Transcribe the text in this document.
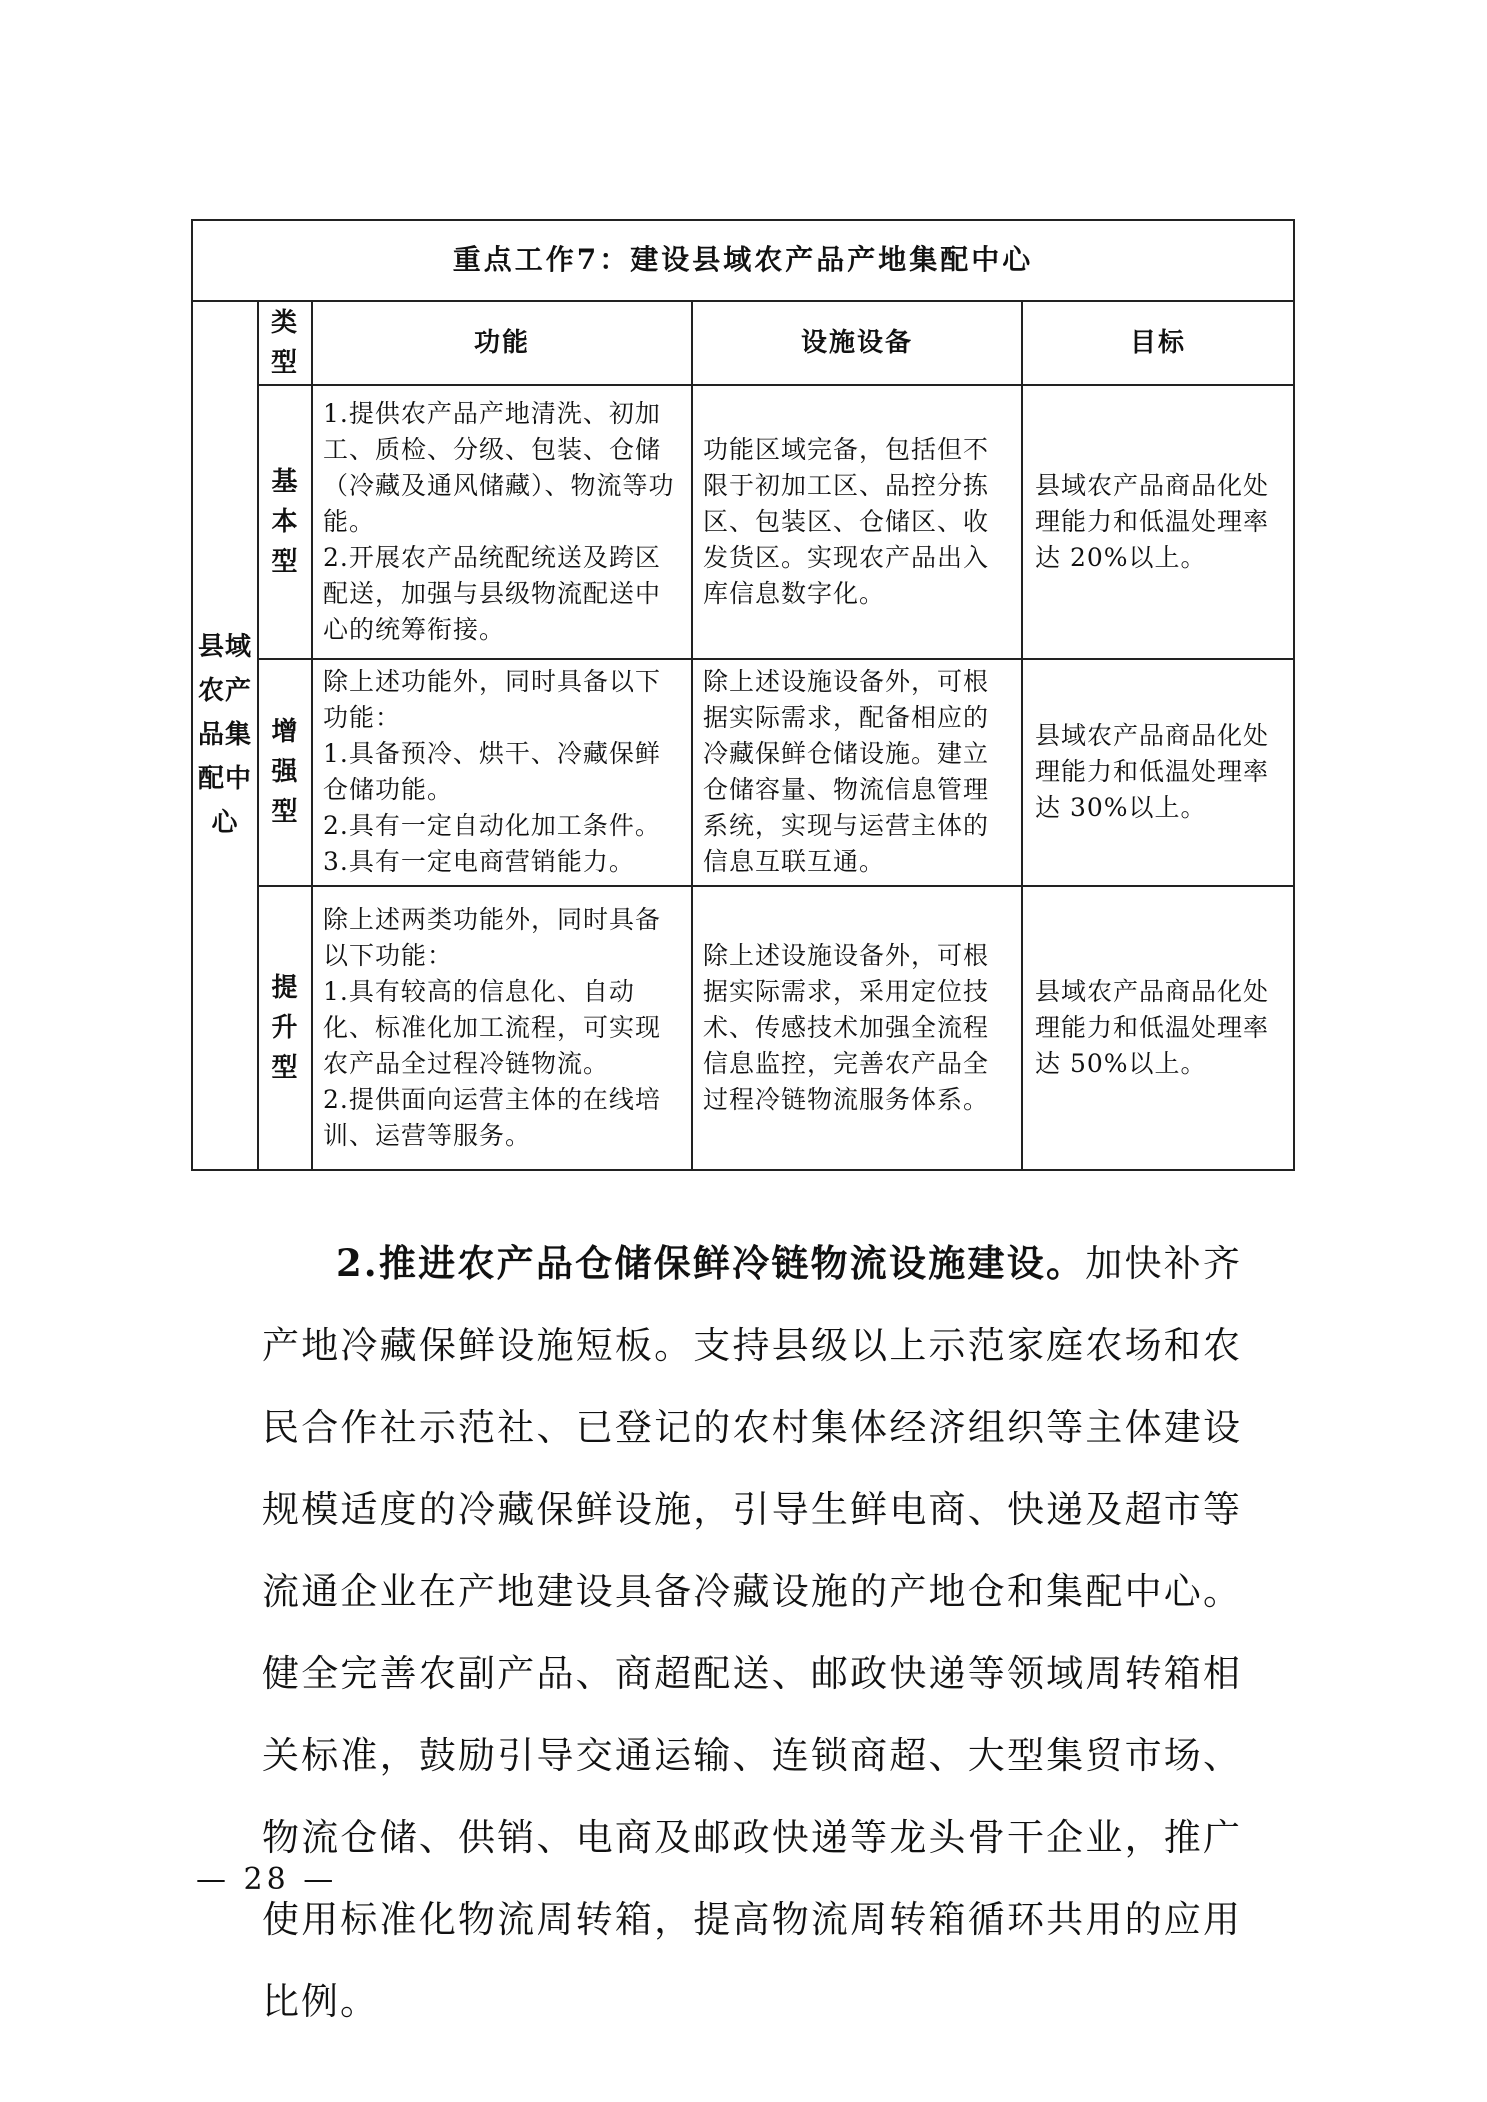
重点工作7：建设县域农产品产地集配中心				
县域农产品集配中心	类型	功能	设施设备	目标
	基本型	1.提供农产品产地清洗、初加工、质检、分级、包装、仓储（冷藏及通风储藏）、物流等功能。
2.开展农产品统配统送及跨区配送，加强与县级物流配送中心的统筹衔接。	功能区域完备，包括但不限于初加工区、品控分拣区、包装区、仓储区、收发货区。实现农产品出入库信息数字化。	县域农产品商品化处理能力和低温处理率达 20%以上。
	增强型	除上述功能外，同时具备以下功能：
1.具备预冷、烘干、冷藏保鲜仓储功能。
2.具有一定自动化加工条件。
3.具有一定电商营销能力。	除上述设施设备外，可根据实际需求，配备相应的冷藏保鲜仓储设施。建立仓储容量、物流信息管理系统，实现与运营主体的信息互联互通。	县域农产品商品化处理能力和低温处理率达 30%以上。
	提升型	除上述两类功能外，同时具备以下功能：
1.具有较高的信息化、自动化、标准化加工流程，可实现农产品全过程冷链物流。
2.提供面向运营主体的在线培训、运营等服务。	除上述设施设备外，可根据实际需求，采用定位技术、传感技术加强全流程信息监控，完善农产品全过程冷链物流服务体系。	县域农产品商品化处理能力和低温处理率达 50%以上。

2.推进农产品仓储保鲜冷链物流设施建设。加快补齐产地冷藏保鲜设施短板。支持县级以上示范家庭农场和农民合作社示范社、已登记的农村集体经济组织等主体建设规模适度的冷藏保鲜设施，引导生鲜电商、快递及超市等流通企业在产地建设具备冷藏设施的产地仓和集配中心。健全完善农副产品、商超配送、邮政快递等领域周转箱相关标准，鼓励引导交通运输、连锁商超、大型集贸市场、物流仓储、供销、电商及邮政快递等龙头骨干企业，推广使用标准化物流周转箱，提高物流周转箱循环共用的应用比例。

— 28 —
